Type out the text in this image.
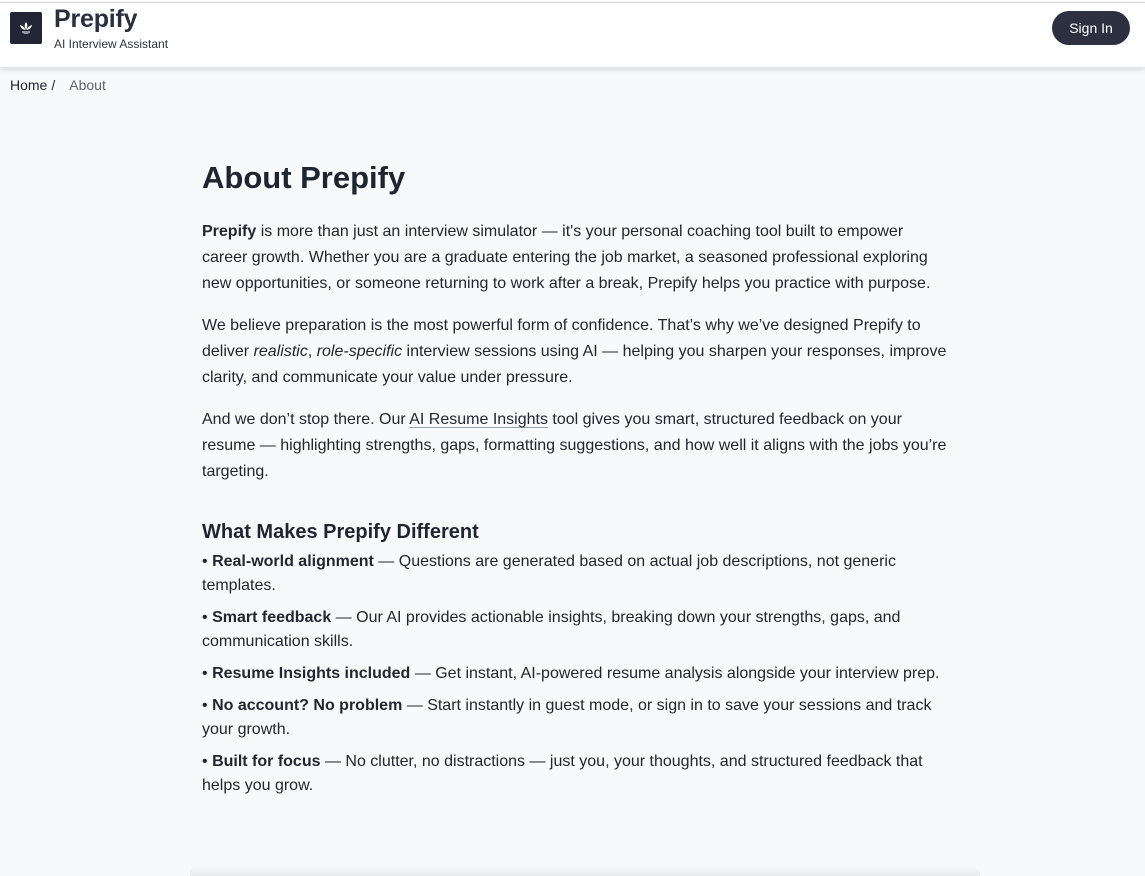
Prepify
AI Interview Assistant
Sign In
Home / About
About Prepify

Prepify is more than just an interview simulator — it's your personal coaching tool built to empower career growth. Whether you are a graduate entering the job market, a seasoned professional exploring new opportunities, or someone returning to work after a break, Prepify helps you practice with purpose.

We believe preparation is the most powerful form of confidence. That’s why we’ve designed Prepify to deliver realistic, role-specific interview sessions using AI — helping you sharpen your responses, improve clarity, and communicate your value under pressure.

And we don’t stop there. Our AI Resume Insights tool gives you smart, structured feedback on your resume — highlighting strengths, gaps, formatting suggestions, and how well it aligns with the jobs you’re targeting.

What Makes Prepify Different
• Real-world alignment — Questions are generated based on actual job descriptions, not generic templates.
• Smart feedback — Our AI provides actionable insights, breaking down your strengths, gaps, and communication skills.
• Resume Insights included — Get instant, AI-powered resume analysis alongside your interview prep.
• No account? No problem — Start instantly in guest mode, or sign in to save your sessions and track your growth.
• Built for focus — No clutter, no distractions — just you, your thoughts, and structured feedback that helps you grow.
